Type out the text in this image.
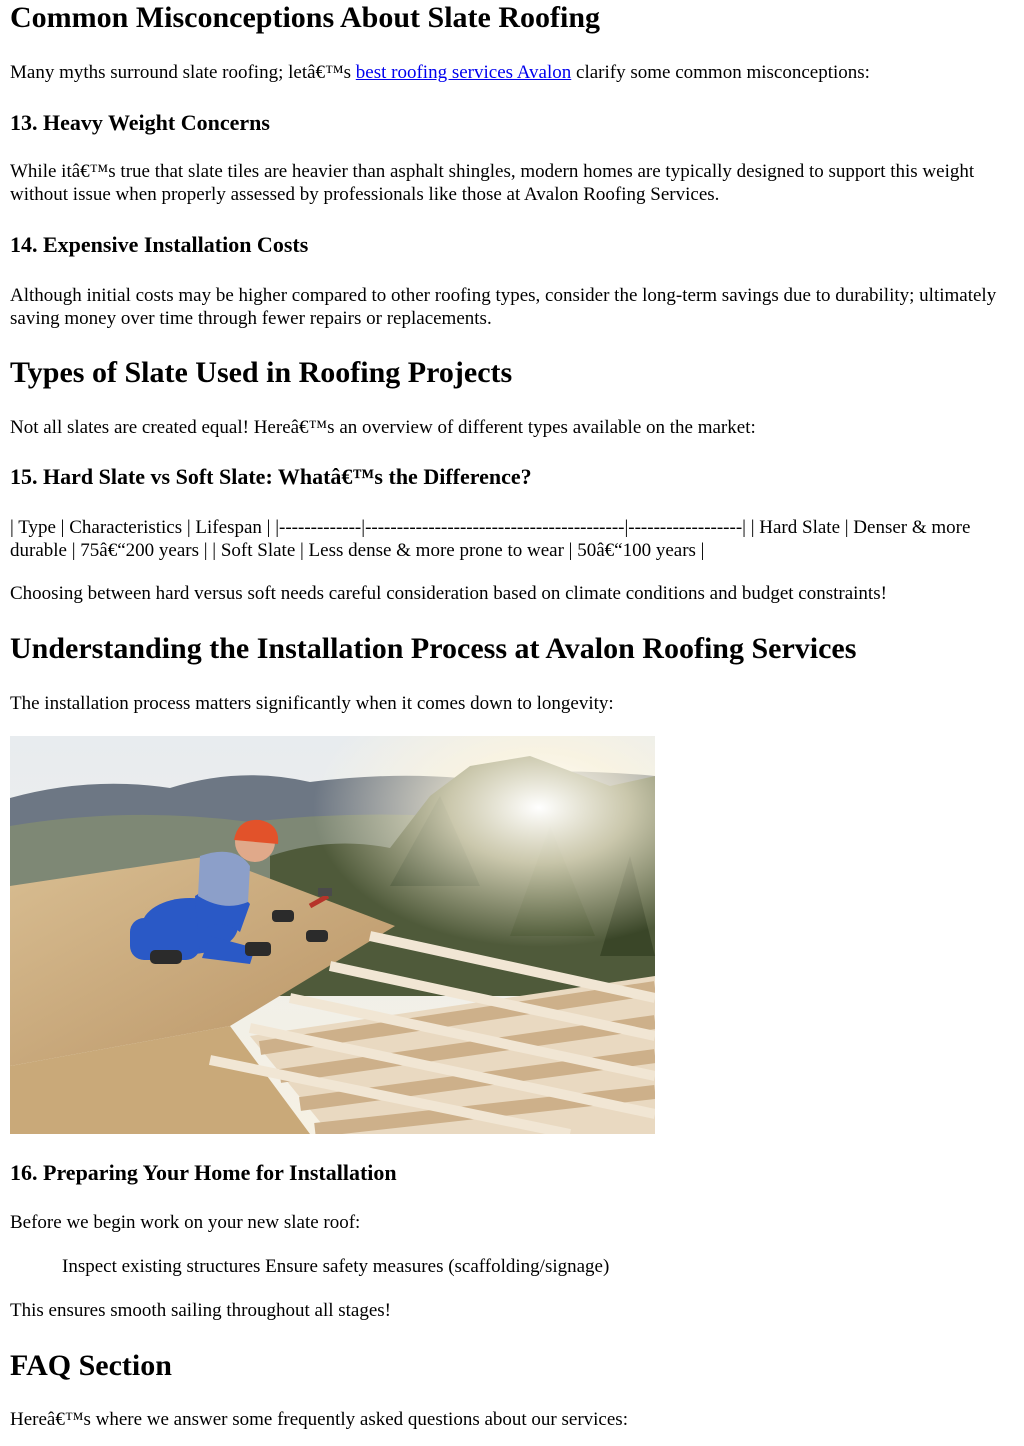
Common Misconceptions About Slate Roofing

Many myths surround slate roofing; letâ€™s best roofing services Avalon clarify some common misconceptions:

13. Heavy Weight Concerns

While itâ€™s true that slate tiles are heavier than asphalt shingles, modern homes are typically designed to support this weight without issue when properly assessed by professionals like those at Avalon Roofing Services.

14. Expensive Installation Costs

Although initial costs may be higher compared to other roofing types, consider the long-term savings due to durability; ultimately saving money over time through fewer repairs or replacements.

Types of Slate Used in Roofing Projects

Not all slates are created equal! Hereâ€™s an overview of different types available on the market:

15. Hard Slate vs Soft Slate: Whatâ€™s the Difference?

| Type | Characteristics | Lifespan | |-------------|-----------------------------------------|------------------| | Hard Slate | Denser & more durable | 75â€“200 years | | Soft Slate | Less dense & more prone to wear | 50â€“100 years |

Choosing between hard versus soft needs careful consideration based on climate conditions and budget constraints!

Understanding the Installation Process at Avalon Roofing Services

The installation process matters significantly when it comes down to longevity:

16. Preparing Your Home for Installation

Before we begin work on your new slate roof:

Inspect existing structures Ensure safety measures (scaffolding/signage)

This ensures smooth sailing throughout all stages!

FAQ Section

Hereâ€™s where we answer some frequently asked questions about our services:
